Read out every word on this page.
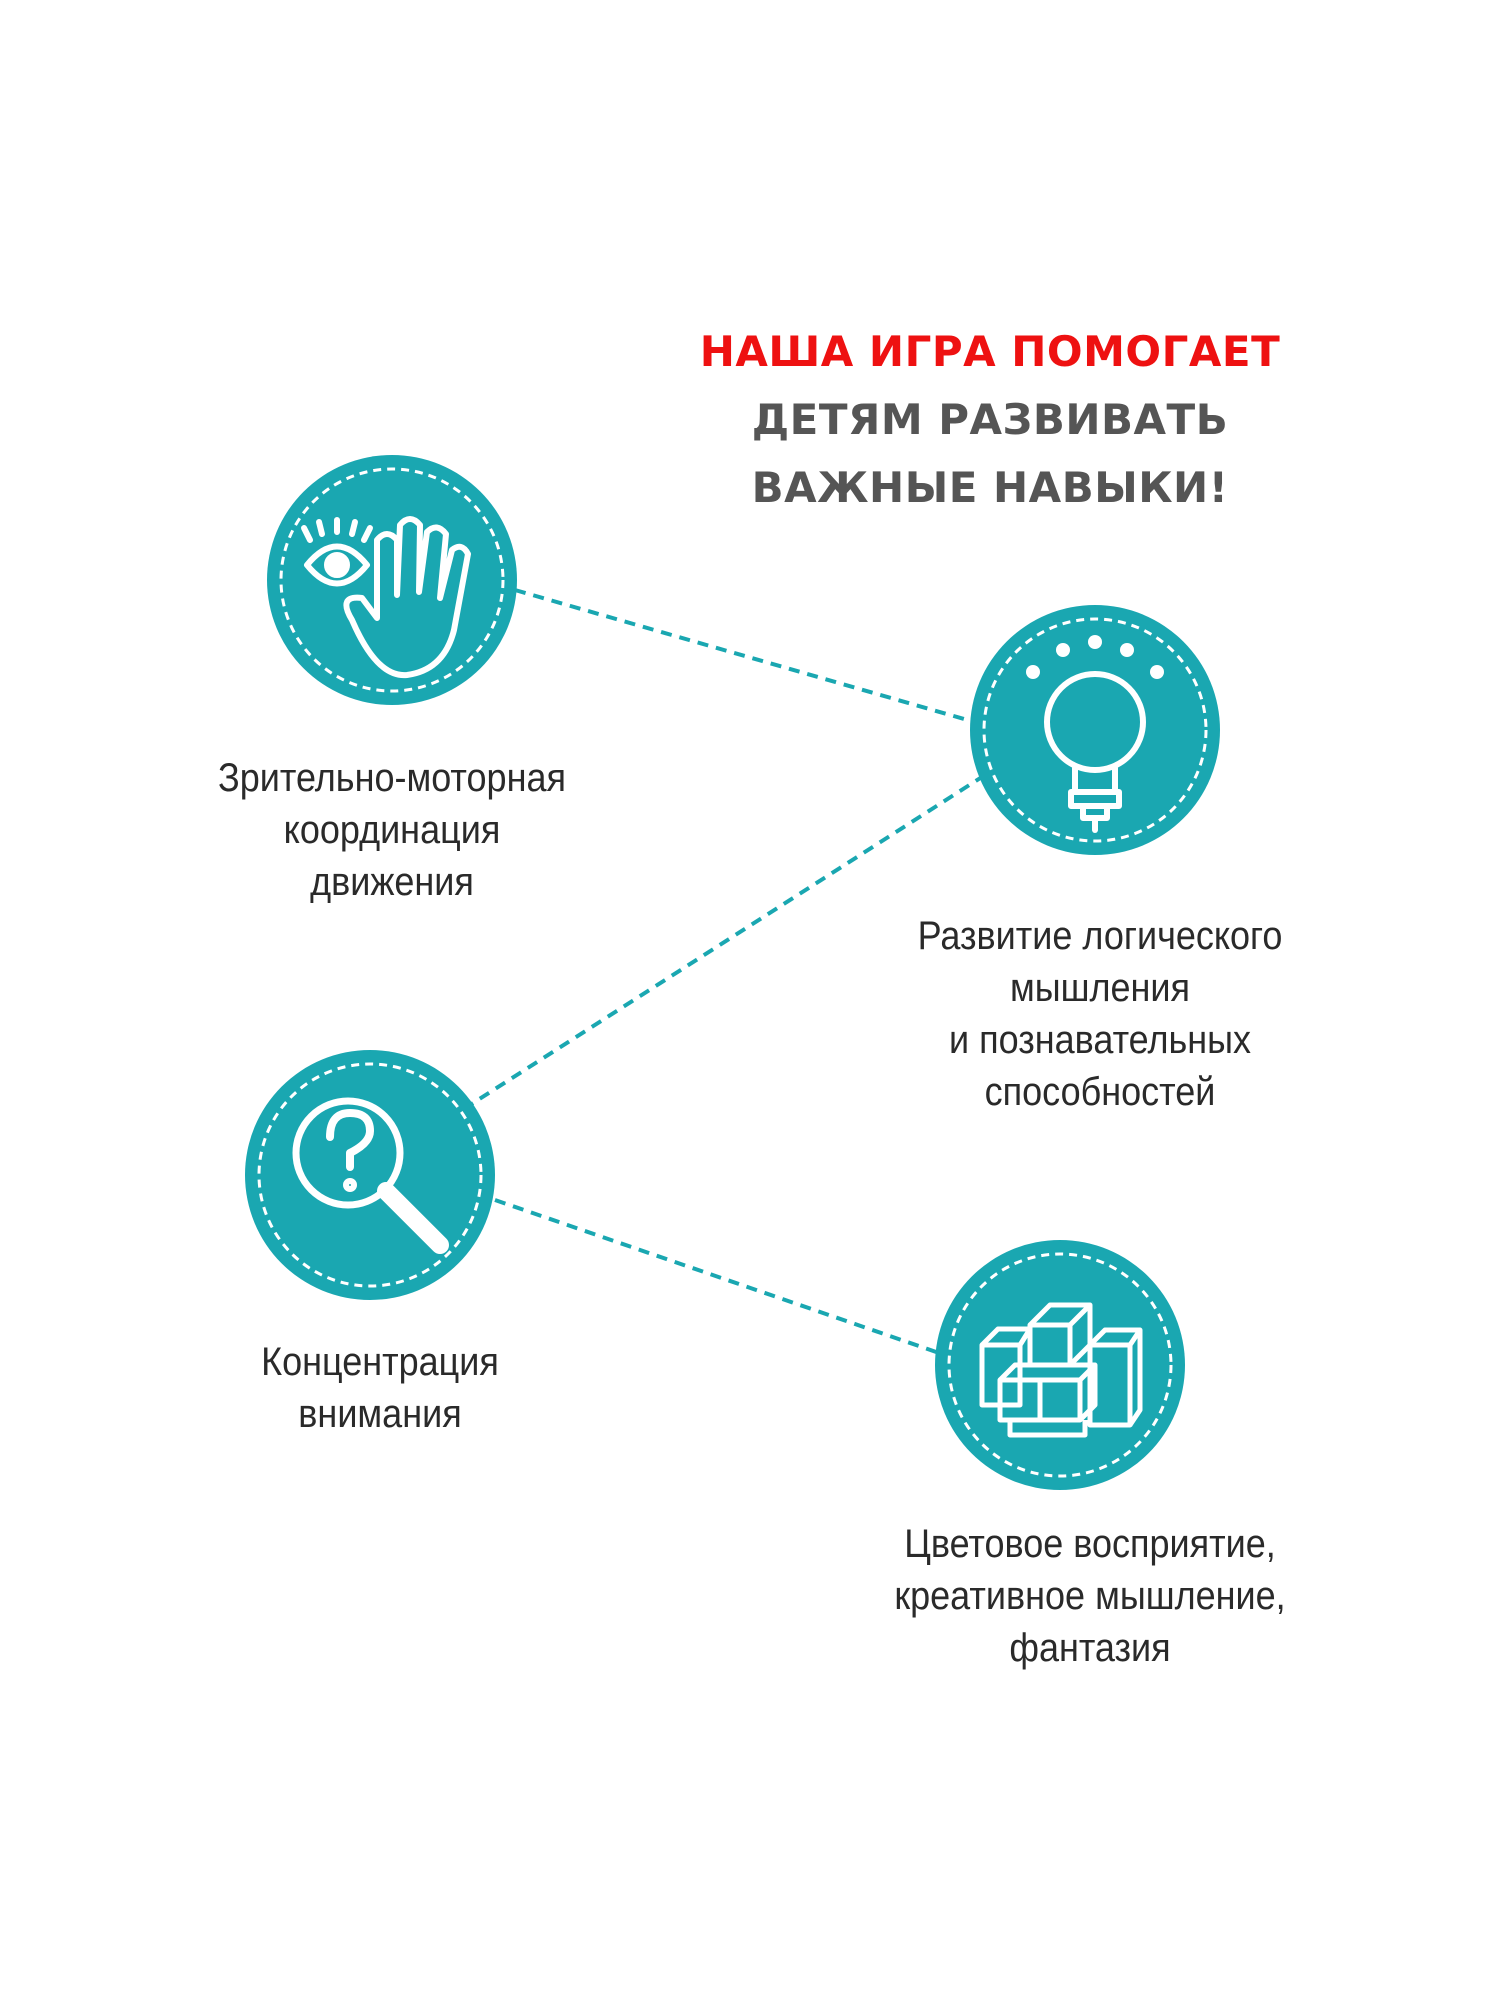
НАША ИГРА ПОМОГАЕТ
ДЕТЯМ РАЗВИВАТЬ
ВАЖНЫЕ НАВЫКИ!
Зрительно-моторная
координация
движения
Развитие логического
мышления
и познавательных
способностей
Концентрация
внимания
Цветовое восприятие,
креативное мышление,
фантазия
